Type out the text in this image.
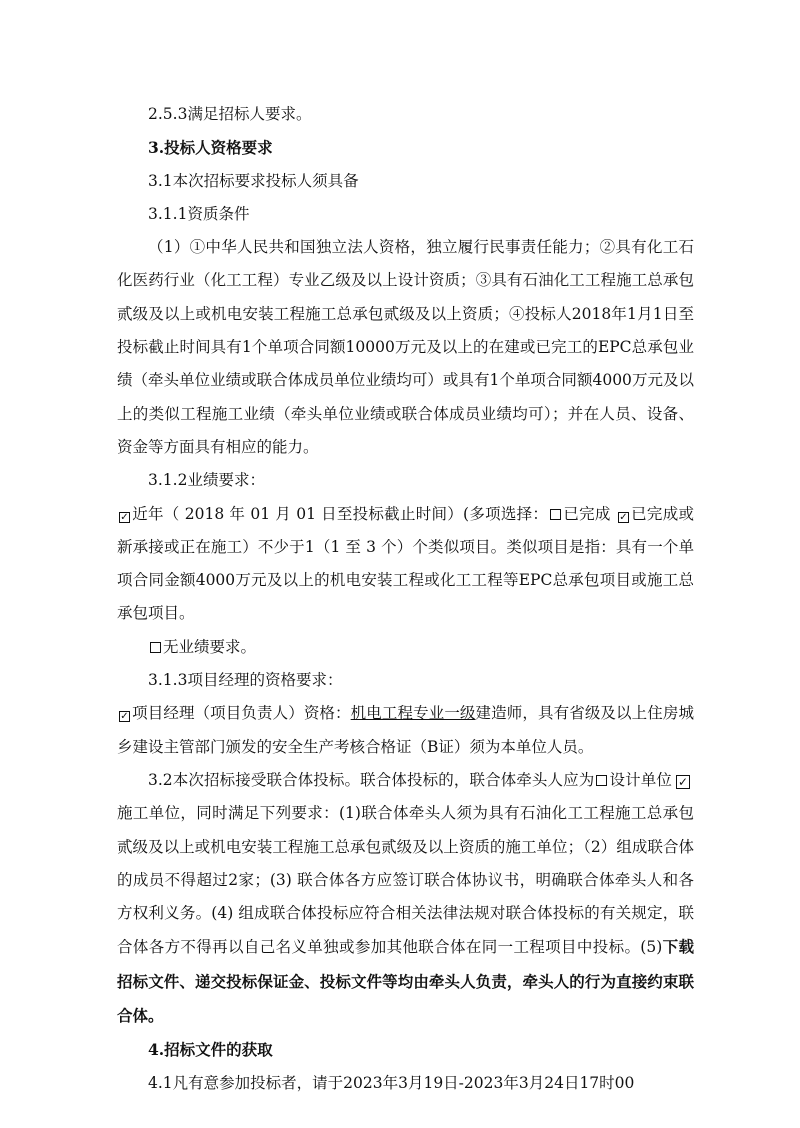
2.5.3满足招标人要求。

3.投标人资格要求

3.1本次招标要求投标人须具备

3.1.1资质条件

（1）①中华人民共和国独立法人资格，独立履行民事责任能力；②具有化工石化医药行业（化工工程）专业乙级及以上设计资质；③具有石油化工工程施工总承包贰级及以上或机电安装工程施工总承包贰级及以上资质；④投标人2018年1月1日至投标截止时间具有1个单项合同额10000万元及以上的在建或已完工的EPC总承包业绩（牵头单位业绩或联合体成员单位业绩均可）或具有1个单项合同额4000万元及以上的类似工程施工业绩（牵头单位业绩或联合体成员业绩均可）；并在人员、设备、资金等方面具有相应的能力。

3.1.2业绩要求：

✓近年（ 2018 年 01 月 01 日至投标截止时间）(多项选择： 已完成 ✓ 已完成或新承接或正在施工）不少于1（1 至 3 个）个类似项目。类似项目是指：具有一个单项合同金额4000万元及以上的机电安装工程或化工工程等EPC总承包项目或施工总承包项目。

无业绩要求。

3.1.3项目经理的资格要求：

✓项目经理（项目负责人）资格：机电工程专业一级建造师，具有省级及以上住房城乡建设主管部门颁发的安全生产考核合格证（B证）须为本单位人员。

3.2本次招标接受联合体投标。联合体投标的，联合体牵头人应为 设计单位✓施工单位，同时满足下列要求：(1)联合体牵头人须为具有石油化工工程施工总承包贰级及以上或机电安装工程施工总承包贰级及以上资质的施工单位；（2）组成联合体的成员不得超过2家；(3) 联合体各方应签订联合体协议书，明确联合体牵头人和各方权利义务。(4) 组成联合体投标应符合相关法律法规对联合体投标的有关规定，联合体各方不得再以自己名义单独或参加其他联合体在同一工程项目中投标。(5)下载招标文件、递交投标保证金、投标文件等均由牵头人负责，牵头人的行为直接约束联合体。

4.招标文件的获取

4.1凡有意参加投标者，请于2023年3月19日-2023年3月24日17时00
